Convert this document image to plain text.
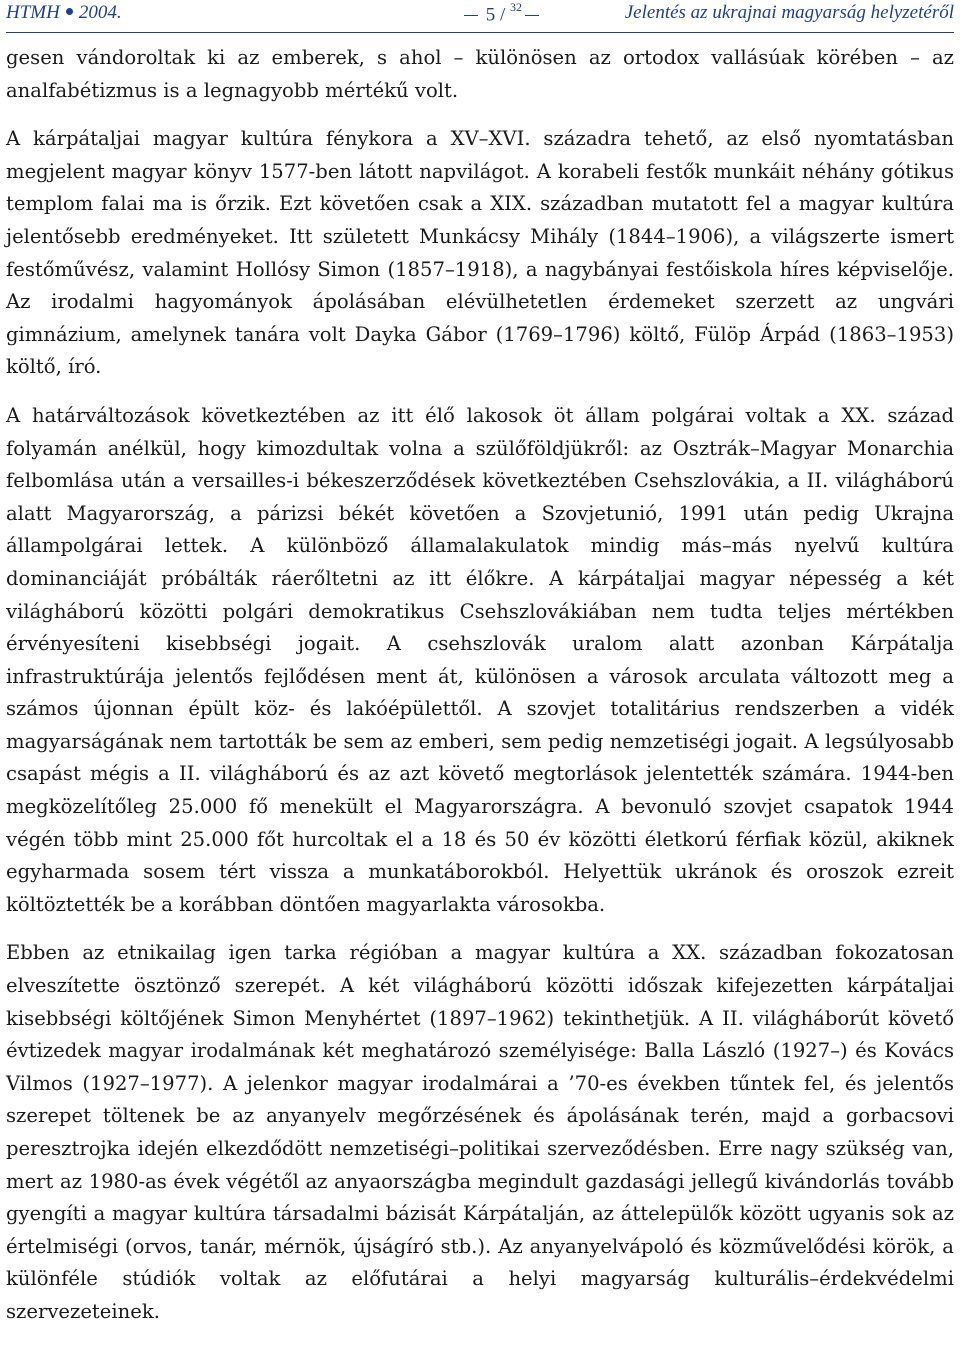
HTMH 2004.	5 / $^{32}$	Jelentés az ukrajnai magyarság helyzetéről

gesen vándoroltak ki az emberek, s ahol – különösen az ortodox vallásúak körében – az analfabétizmus is a legnagyobb mértékű volt.

A kárpátaljai magyar kultúra fénykora a XV–XVI. századra tehető, az első nyomtatásban megjelent magyar könyv 1577-ben látott napvilágot. A korabeli festők munkáit néhány gótikus templom falai ma is őrzik. Ezt követően csak a XIX. században mutatott fel a magyar kultúra jelentősebb eredményeket. Itt született Munkácsy Mihály (1844–1906), a világszerte ismert festőművész, valamint Hollósy Simon (1857–1918), a nagybányai festőiskola híres képviselője. Az irodalmi hagyományok ápolásában elévülhetetlen érdemeket szerzett az ungvári gimnázium, amelynek tanára volt Dayka Gábor (1769–1796) költő, Fülöp Árpád (1863–1953) költő, író.

A határváltozások következtében az itt élő lakosok öt állam polgárai voltak a XX. század folyamán anélkül, hogy kimozdultak volna a szülőföldjükről: az Osztrák–Magyar Monarchia felbomlása után a versailles-i békeszerződések következtében Csehszlovákia, a II. világháború alatt Magyarország, a párizsi békét követően a Szovjetunió, 1991 után pedig Ukrajna állampolgárai lettek. A különböző államalakulatok mindig más–más nyelvű kultúra dominanciáját próbálták ráerőltetni az itt élőkre. A kárpátaljai magyar népesség a két világháború közötti polgári demokratikus Csehszlovákiában nem tudta teljes mértékben érvényesíteni kisebbségi jogait. A csehszlovák uralom alatt azonban Kárpátalja infrastruktúrája jelentős fejlődésen ment át, különösen a városok arculata változott meg a számos újonnan épült köz- és lakóépülettől. A szovjet totalitárius rendszerben a vidék magyarságának nem tartották be sem az emberi, sem pedig nemzetiségi jogait. A legsúlyosabb csapást mégis a II. világháború és az azt követő megtorlások jelentették számára. 1944-ben megközelítőleg 25.000 fő menekült el Magyarországra. A bevonuló szovjet csapatok 1944 végén több mint 25.000 főt hurcoltak el a 18 és 50 év közötti életkorú férfiak közül, akiknek egyharmada sosem tért vissza a munkatáborokból. Helyettük ukránok és oroszok ezreit költöztették be a korábban döntően magyarlakta városokba.

Ebben az etnikailag igen tarka régióban a magyar kultúra a XX. században fokozatosan elveszítette ösztönző szerepét. A két világháború közötti időszak kifejezetten kárpátaljai kisebbségi költőjének Simon Menyhértet (1897–1962) tekinthetjük. A II. világháborút követő évtizedek magyar irodalmának két meghatározó személyisége: Balla László (1927–) és Kovács Vilmos (1927–1977). A jelenkor magyar irodalmárai a ’70-es években tűntek fel, és jelentős szerepet töltenek be az anyanyelv megőrzésének és ápolásának terén, majd a gorbacsovi peresztrojka idején elkezdődött nemzetiségi–politikai szerveződésben. Erre nagy szükség van, mert az 1980-as évek végétől az anyaországba megindult gazdasági jellegű kivándorlás tovább gyengíti a magyar kultúra társadalmi bázisát Kárpátalján, az áttelepülők között ugyanis sok az értelmiségi (orvos, tanár, mérnök, újságíró stb.). Az anyanyelvápoló és közművelődési körök, a különféle stúdiók voltak az előfutárai a helyi magyarság kulturális–érdekvédelmi szervezeteinek.
